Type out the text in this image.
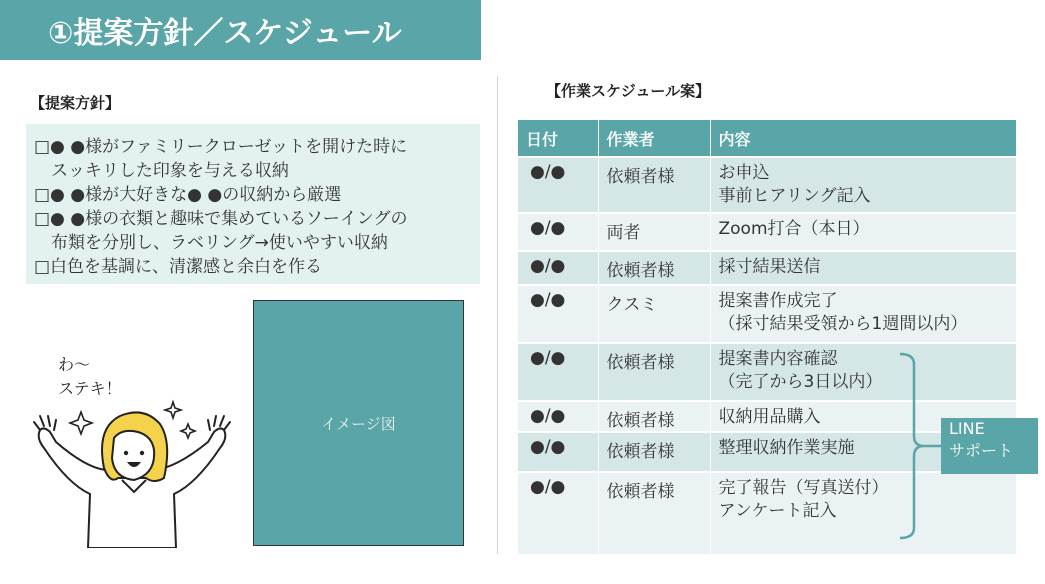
①提案方針／スケジュール
【提案方針】
□● ●様がファミリークローゼットを開けた時に
　スッキリした印象を与える収納
□● ●様が大好きな● ●の収納から厳選
□● ●様の衣類と趣味で集めているソーイングの
　布類を分別し、ラベリング→使いやすい収納
□白色を基調に、清潔感と余白を作る
わ～
ステキ！
イメージ図
【作業スケジュール案】
日付	作業者	内容
●/●	依頼者様	お申込
事前ヒアリング記入

●/●	両者	Zoom打合（本日）

●/●	依頼者様	採寸結果送信

●/●	クスミ	提案書作成完了
（採寸結果受領から1週間以内）

●/●	依頼者様	提案書内容確認
（完了から3日以内）

●/●	依頼者様	収納用品購入

●/●	依頼者様	整理収納作業実施

●/●	依頼者様	完了報告（写真送付）
アンケート記入
LINE
サポート
